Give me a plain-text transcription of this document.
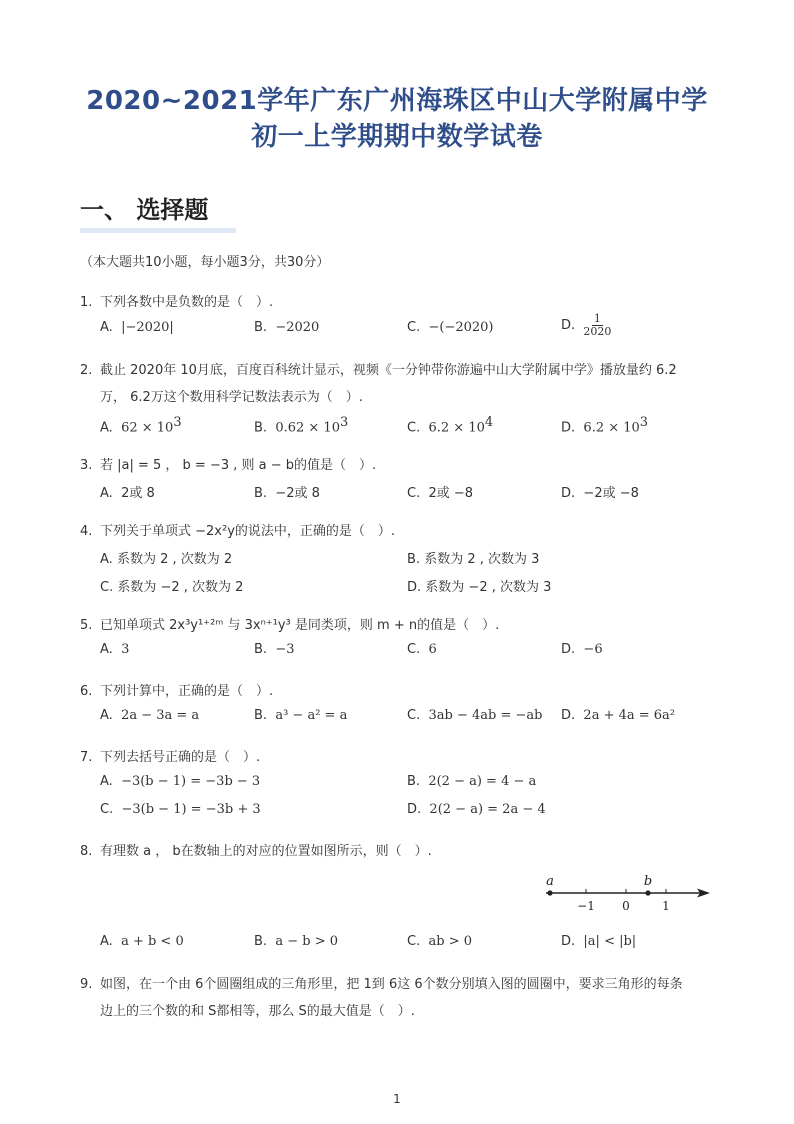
2020~2021学年广东广州海珠区中山大学附属中学
初一上学期期中数学试卷
一、 选择题
（本大题共10小题，每小题3分，共30分）
1. 下列各数中是负数的是（　）.
A. |−2020|	B. −2020	C. −(−2020)	D. $\frac{1}{2020}$
2. 截止 2020年 10月底，百度百科统计显示，视频《一分钟带你游遍中山大学附属中学》播放量约 6.2
万， 6.2万这个数用科学记数法表示为（　）.
A. $62 \times 10^3$	B. $0.62 \times 10^3$	C. $6.2 \times 10^4$	D. $6.2 \times 10^3$
3. 若 |a| = 5 ， b = −3 , 则 a − b的值是（　）.
A. 2或 8	B. −2或 8	C. 2或 −8	D. −2或 −8
4. 下列关于单项式 −2x²y的说法中，正确的是（　）.
A. 系数为 2 , 次数为 2	B. 系数为 2 , 次数为 3
C. 系数为 −2 , 次数为 2	D. 系数为 −2 , 次数为 3
5. 已知单项式 2x³y¹⁺²ᵐ 与 3xⁿ⁺¹y³ 是同类项，则 m + n的值是（　）.
A. 3	B. −3	C. 6	D. −6
6. 下列计算中，正确的是（　）.
A. 2a − 3a = a	B. a³ − a² = a	C. 3ab − 4ab = −ab D. 2a + 4a = 6a²
7. 下列去括号正确的是（　）.
A. −3(b − 1) = −3b − 3	B. 2(2 − a) = 4 − a
C. −3(b − 1) = −3b + 3	D. 2(2 − a) = 2a − 4
8. 有理数 a ， b在数轴上的对应的位置如图所示，则（　）.
a	b
−1 0	1
A. a + b < 0	B. a − b > 0	C. ab > 0	D. |a| < |b|
9. 如图，在一个由 6个圆圈组成的三角形里，把 1到 6这 6个数分别填入图的圆圈中，要求三角形的每条
边上的三个数的和 S都相等，那么 S的最大值是（　）.
1
